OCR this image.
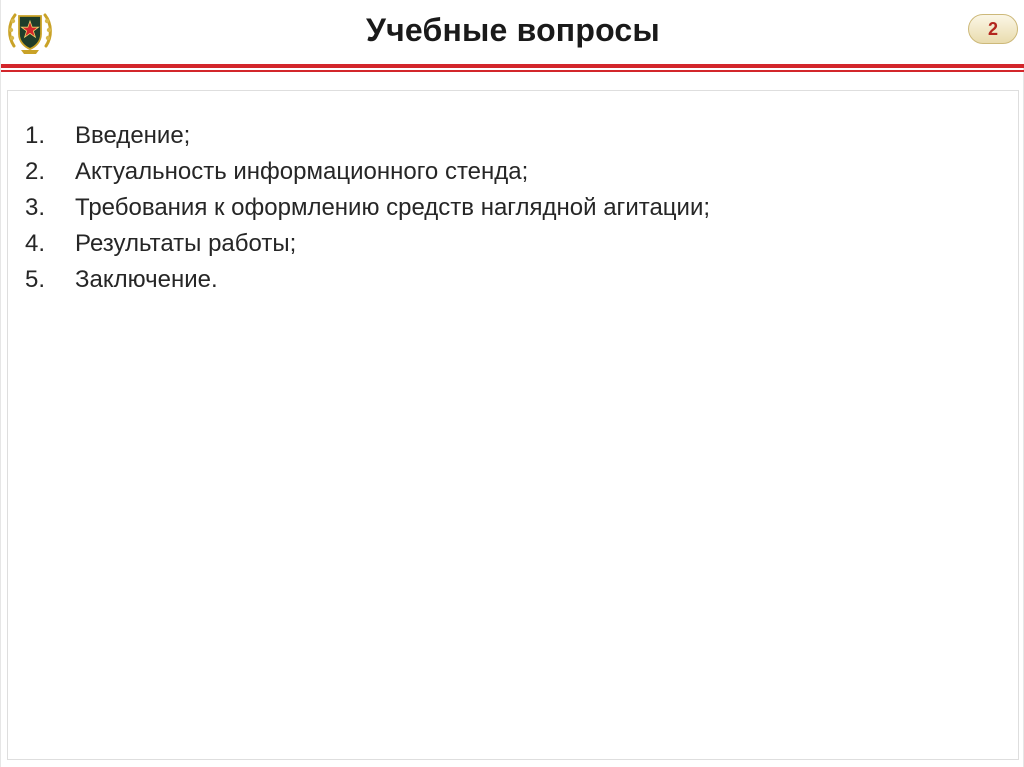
Учебные вопросы	2
1. Введение;
2. Актуальность информационного стенда;
3. Требования к оформлению средств наглядной агитации;
4. Результаты работы;
5. Заключение.
